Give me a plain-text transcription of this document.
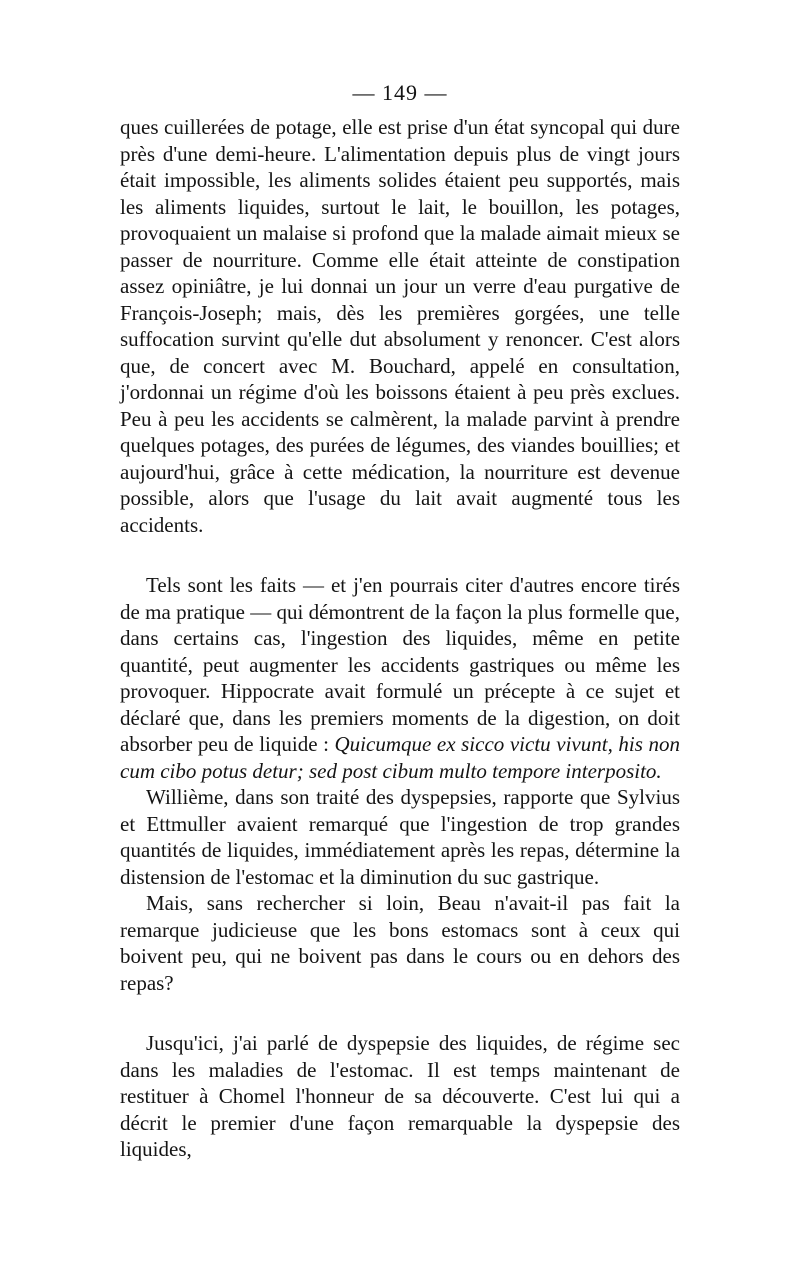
— 149 —

ques cuillerées de potage, elle est prise d'un état syncopal qui dure près d'une demi-heure. L'alimentation depuis plus de vingt jours était impossible, les aliments solides étaient peu supportés, mais les aliments liquides, surtout le lait, le bouillon, les potages, provoquaient un malaise si profond que la malade aimait mieux se passer de nourriture. Comme elle était atteinte de constipation assez opiniâtre, je lui donnai un jour un verre d'eau purgative de François-Joseph; mais, dès les premières gorgées, une telle suffocation survint qu'elle dut absolument y renoncer. C'est alors que, de concert avec M. Bouchard, appelé en consultation, j'ordonnai un régime d'où les boissons étaient à peu près exclues. Peu à peu les accidents se calmèrent, la malade parvint à prendre quelques potages, des purées de légumes, des viandes bouillies; et aujourd'hui, grâce à cette médication, la nourriture est devenue possible, alors que l'usage du lait avait augmenté tous les accidents.

Tels sont les faits — et j'en pourrais citer d'autres encore tirés de ma pratique — qui démontrent de la façon la plus formelle que, dans certains cas, l'ingestion des liquides, même en petite quantité, peut augmenter les accidents gastriques ou même les provoquer. Hippocrate avait formulé un précepte à ce sujet et déclaré que, dans les premiers moments de la digestion, on doit absorber peu de liquide : Quicumque ex sicco victu vivunt, his non cum cibo potus detur; sed post cibum multo tempore interposito.

Willième, dans son traité des dyspepsies, rapporte que Sylvius et Ettmuller avaient remarqué que l'ingestion de trop grandes quantités de liquides, immédiatement après les repas, détermine la distension de l'estomac et la diminution du suc gastrique.

Mais, sans rechercher si loin, Beau n'avait-il pas fait la remarque judicieuse que les bons estomacs sont à ceux qui boivent peu, qui ne boivent pas dans le cours ou en dehors des repas?

Jusqu'ici, j'ai parlé de dyspepsie des liquides, de régime sec dans les maladies de l'estomac. Il est temps maintenant de restituer à Chomel l'honneur de sa découverte. C'est lui qui a décrit le premier d'une façon remarquable la dyspepsie des liquides,
